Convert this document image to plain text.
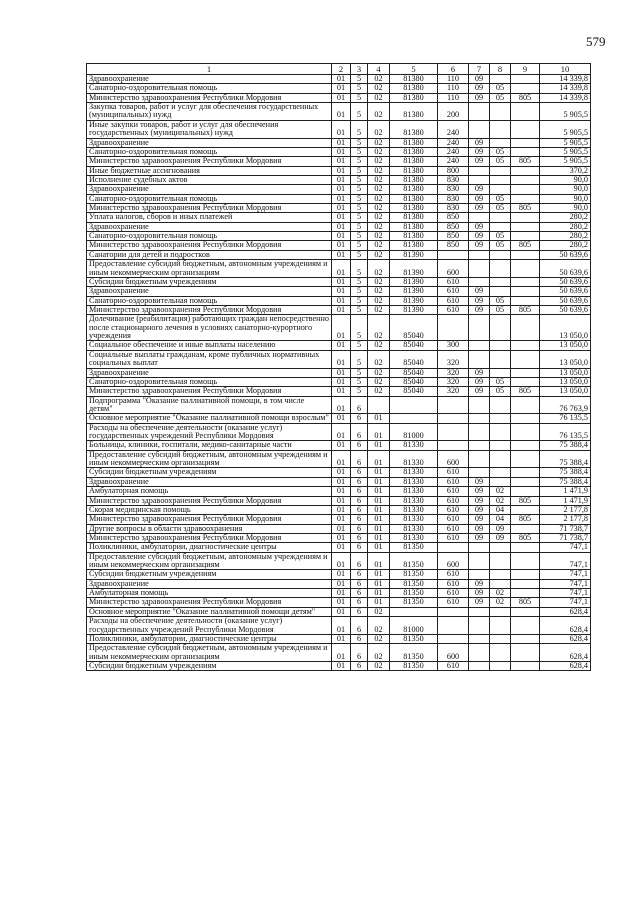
579
1	2	3	4	5	6	7	8	9	10
Здравоохранение	01	5	02	81380	110	09			14 339,8
Санаторно-оздоровительная помощь	01	5	02	81380	110	09	05		14 339,8
Министерство здравоохранения Республики Мордовия	01	5	02	81380	110	09	05	805	14 339,8
Закупка товаров, работ и услуг для обеспечения государственных (муниципальных) нужд	01	5	02	81380	200				5 905,5
Иные закупки товаров, работ и услуг для обеспечения государственных (муниципальных) нужд	01	5	02	81380	240				5 905,5
Здравоохранение	01	5	02	81380	240	09			5 905,5
Санаторно-оздоровительная помощь	01	5	02	81380	240	09	05		5 905,5
Министерство здравоохранения Республики Мордовия	01	5	02	81380	240	09	05	805	5 905,5
Иные бюджетные ассигнования	01	5	02	81380	800				370,2
Исполнение судебных актов	01	5	02	81380	830				90,0
Здравоохранение	01	5	02	81380	830	09			90,0
Санаторно-оздоровительная помощь	01	5	02	81380	830	09	05		90,0
Министерство здравоохранения Республики Мордовия	01	5	02	81380	830	09	05	805	90,0
Уплата налогов, сборов и иных платежей	01	5	02	81380	850				280,2
Здравоохранение	01	5	02	81380	850	09			280,2
Санаторно-оздоровительная помощь	01	5	02	81380	850	09	05		280,2
Министерство здравоохранения Республики Мордовия	01	5	02	81380	850	09	05	805	280,2
Санатории для детей и подростков	01	5	02	81390					50 639,6
Предоставление субсидий бюджетным, автономным учреждениям и иным некоммерческим организациям	01	5	02	81390	600				50 639,6
Субсидии бюджетным учреждениям	01	5	02	81390	610				50 639,6
Здравоохранение	01	5	02	81390	610	09			50 639,6
Санаторно-оздоровительная помощь	01	5	02	81390	610	09	05		50 639,6
Министерство здравоохранения Республики Мордовия	01	5	02	81390	610	09	05	805	50 639,6
Долечивание (реабилитация) работающих граждан непосредственно после стационарного лечения в условиях санаторно-курортного учреждения	01	5	02	85040					13 050,0
Социальное обеспечение и иные выплаты населению	01	5	02	85040	300				13 050,0
Социальные выплаты гражданам, кроме публичных нормативных социальных выплат	01	5	02	85040	320				13 050,0
Здравоохранение	01	5	02	85040	320	09			13 050,0
Санаторно-оздоровительная помощь	01	5	02	85040	320	09	05		13 050,0
Министерство здравоохранения Республики Мордовия	01	5	02	85040	320	09	05	805	13 050,0
Подпрограмма "Оказание паллиативной помощи, в том числе детям"	01	6							76 763,9
Основное мероприятие "Оказание паллиативной помощи взрослым"	01	6	01						76 135,5
Расходы на обеспечение деятельности (оказание услуг) государственных учреждений Республики Мордовия	01	6	01	81000					76 135,5
Больницы, клиники, госпитали, медико-санитарные части	01	6	01	81330					75 388,4
Предоставление субсидий бюджетным, автономным учреждениям и иным некоммерческим организациям	01	6	01	81330	600				75 388,4
Субсидии бюджетным учреждениям	01	6	01	81330	610				75 388,4
Здравоохранение	01	6	01	81330	610	09			75 388,4
Амбулаторная помощь	01	6	01	81330	610	09	02		1 471,9
Министерство здравоохранения Республики Мордовия	01	6	01	81330	610	09	02	805	1 471,9
Скорая медицинская помощь	01	6	01	81330	610	09	04		2 177,8
Министерство здравоохранения Республики Мордовия	01	6	01	81330	610	09	04	805	2 177,8
Другие вопросы в области здравоохранения	01	6	01	81330	610	09	09		71 738,7
Министерство здравоохранения Республики Мордовия	01	6	01	81330	610	09	09	805	71 738,7
Поликлиники, амбулатории, диагностические центры	01	6	01	81350					747,1
Предоставление субсидий бюджетным, автономным учреждениям и иным некоммерческим организациям	01	6	01	81350	600				747,1
Субсидии бюджетным учреждениям	01	6	01	81350	610				747,1
Здравоохранение	01	6	01	81350	610	09			747,1
Амбулаторная помощь	01	6	01	81350	610	09	02		747,1
Министерство здравоохранения Республики Мордовия	01	6	01	81350	610	09	02	805	747,1
Основное мероприятие "Оказание паллиативной помощи детям"	01	6	02						628,4
Расходы на обеспечение деятельности (оказание услуг) государственных учреждений Республики Мордовия	01	6	02	81000					628,4
Поликлиники, амбулатории, диагностические центры	01	6	02	81350					628,4
Предоставление субсидий бюджетным, автономным учреждениям и иным некоммерческим организациям	01	6	02	81350	600				628,4
Субсидии бюджетным учреждениям	01	6	02	81350	610				628,4
